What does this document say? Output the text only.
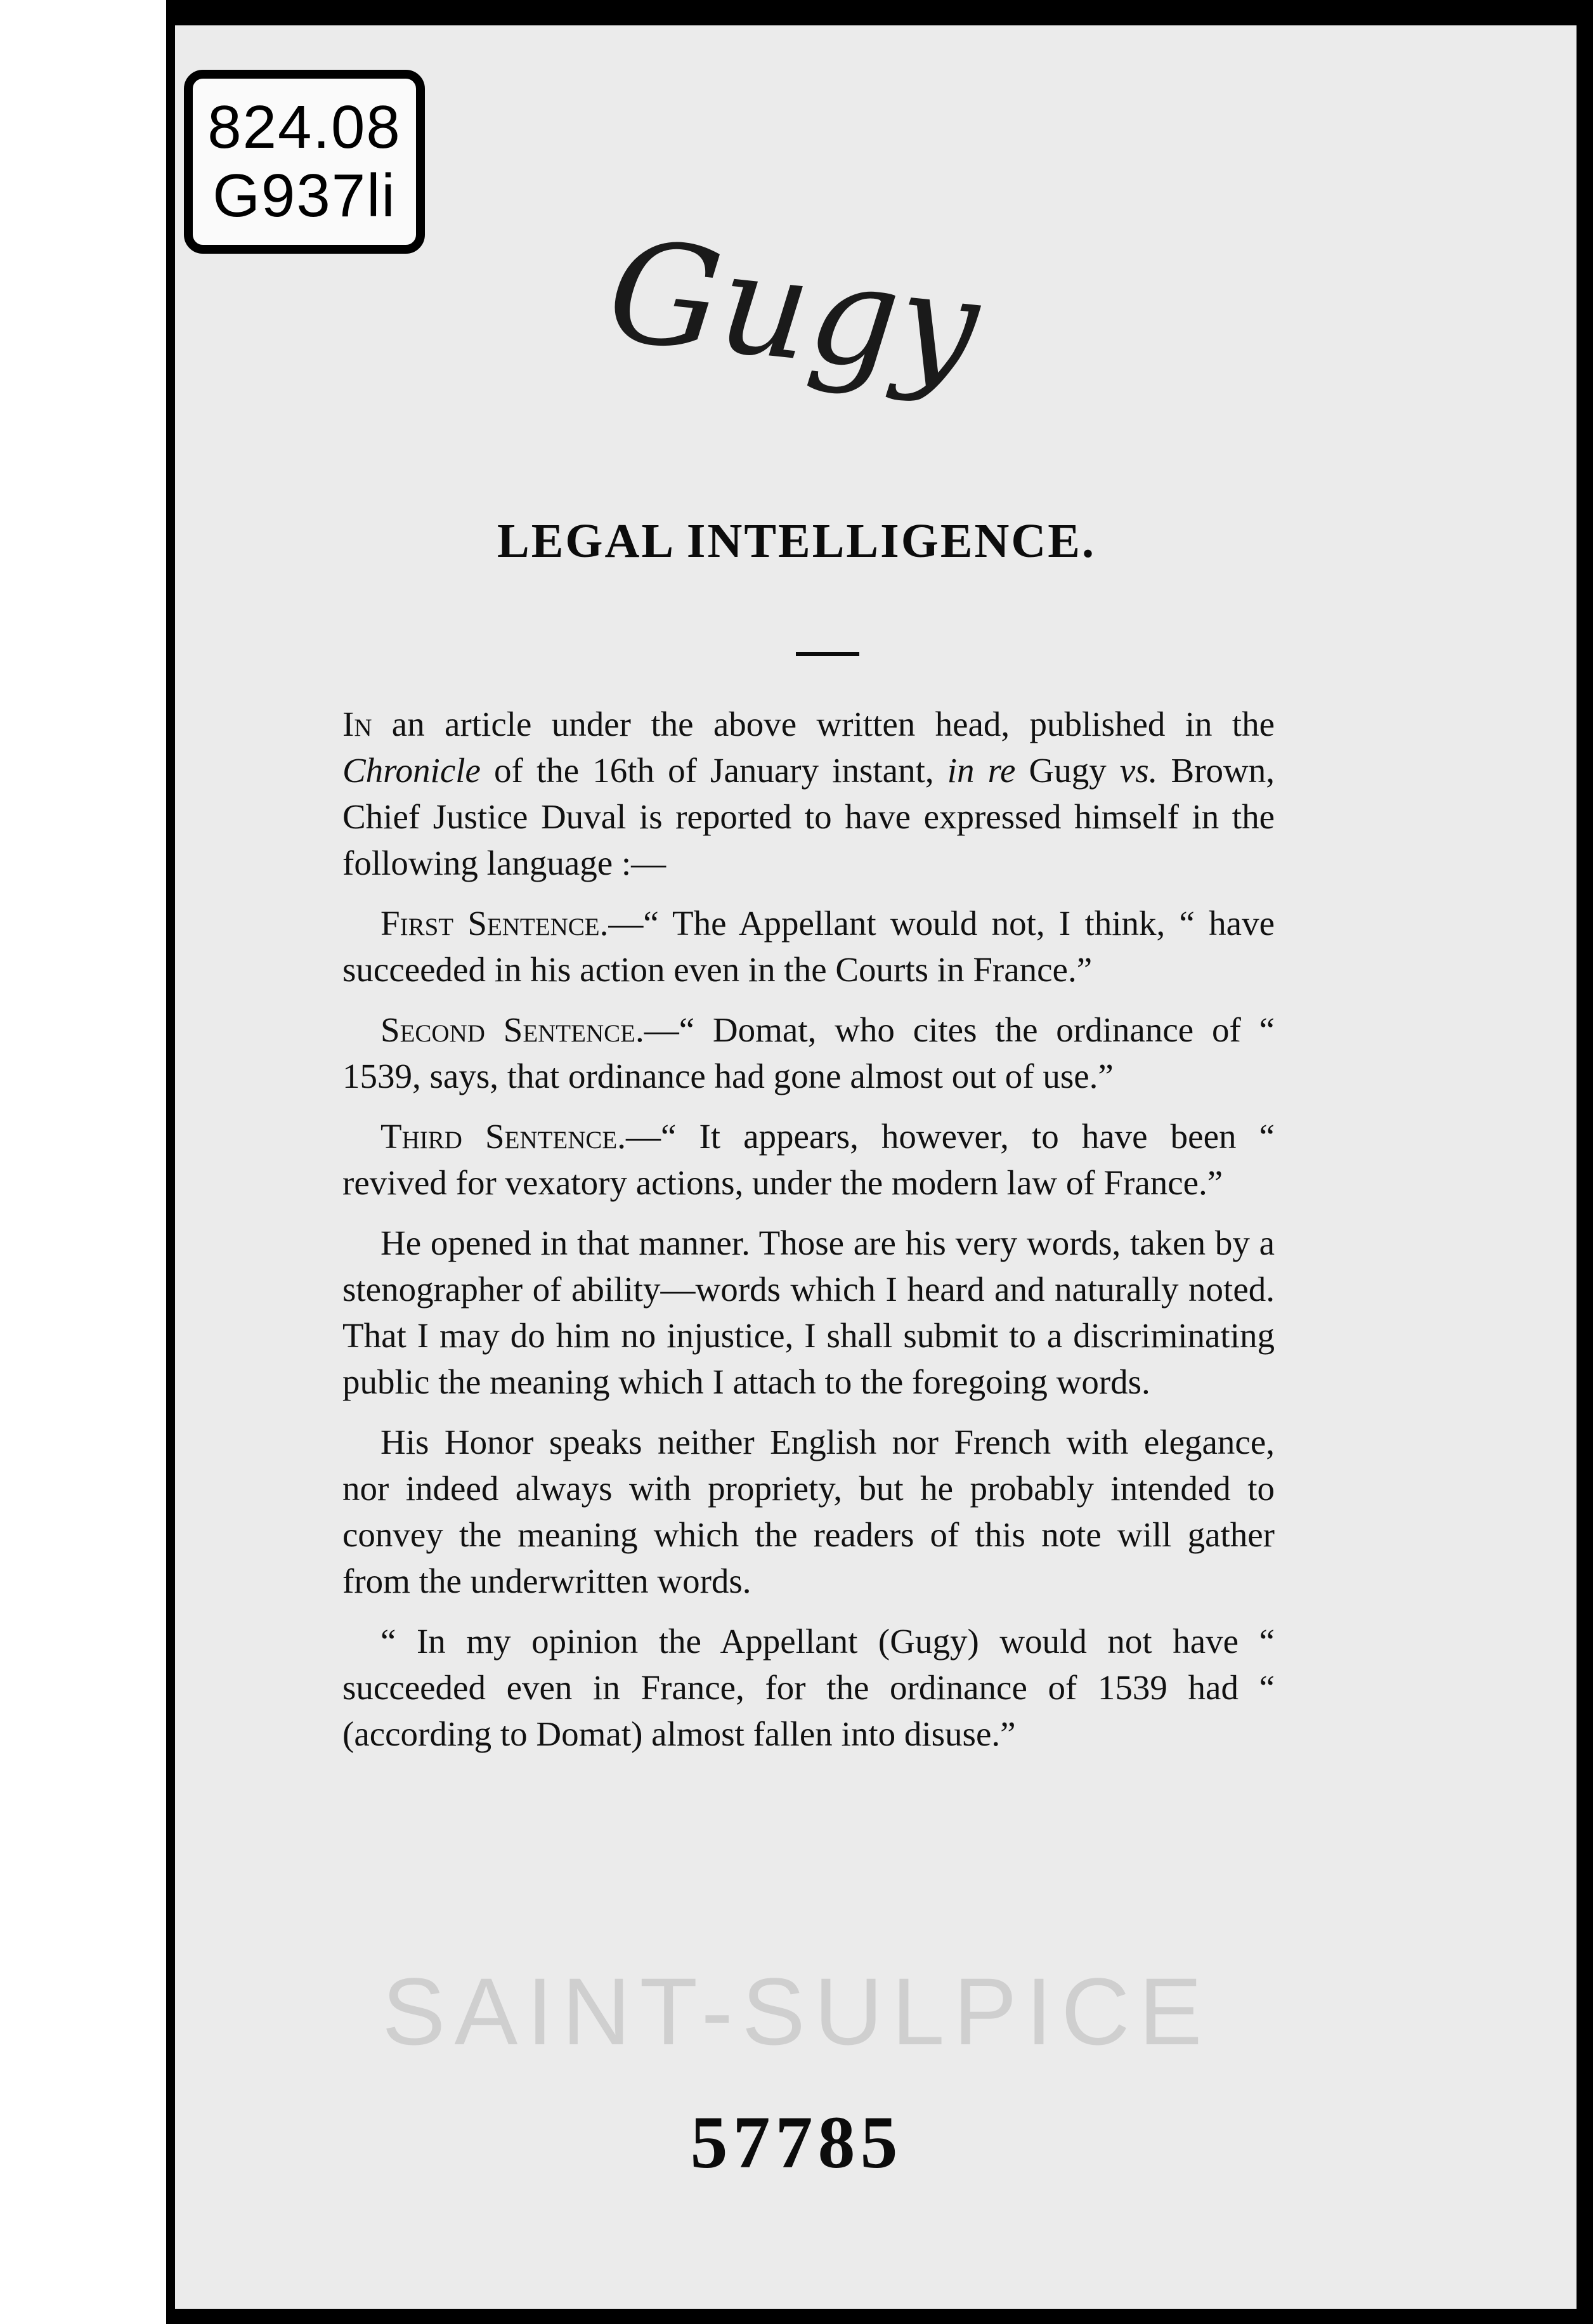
824.08
G937li
Gugy
LEGAL INTELLIGENCE.

In an article under the above written head, published in the Chronicle of the 16th of January instant, in re Gugy vs. Brown, Chief Justice Duval is reported to have expressed himself in the following language :—

First Sentence.—“ The Appellant would not, I think, “ have succeeded in his action even in the Courts in France.”

Second Sentence.—“ Domat, who cites the ordinance of “ 1539, says, that ordinance had gone almost out of use.”

Third Sentence.—“ It appears, however, to have been “ revived for vexatory actions, under the modern law of France.”

He opened in that manner. Those are his very words, taken by a stenographer of ability—words which I heard and naturally noted. That I may do him no injustice, I shall submit to a discriminating public the meaning which I attach to the foregoing words.

His Honor speaks neither English nor French with elegance, nor indeed always with propriety, but he probably intended to convey the meaning which the readers of this note will gather from the underwritten words.

“ In my opinion the Appellant (Gugy) would not have “ succeeded even in France, for the ordinance of 1539 had “ (according to Domat) almost fallen into disuse.”

SAINT-SULPICE
57785
